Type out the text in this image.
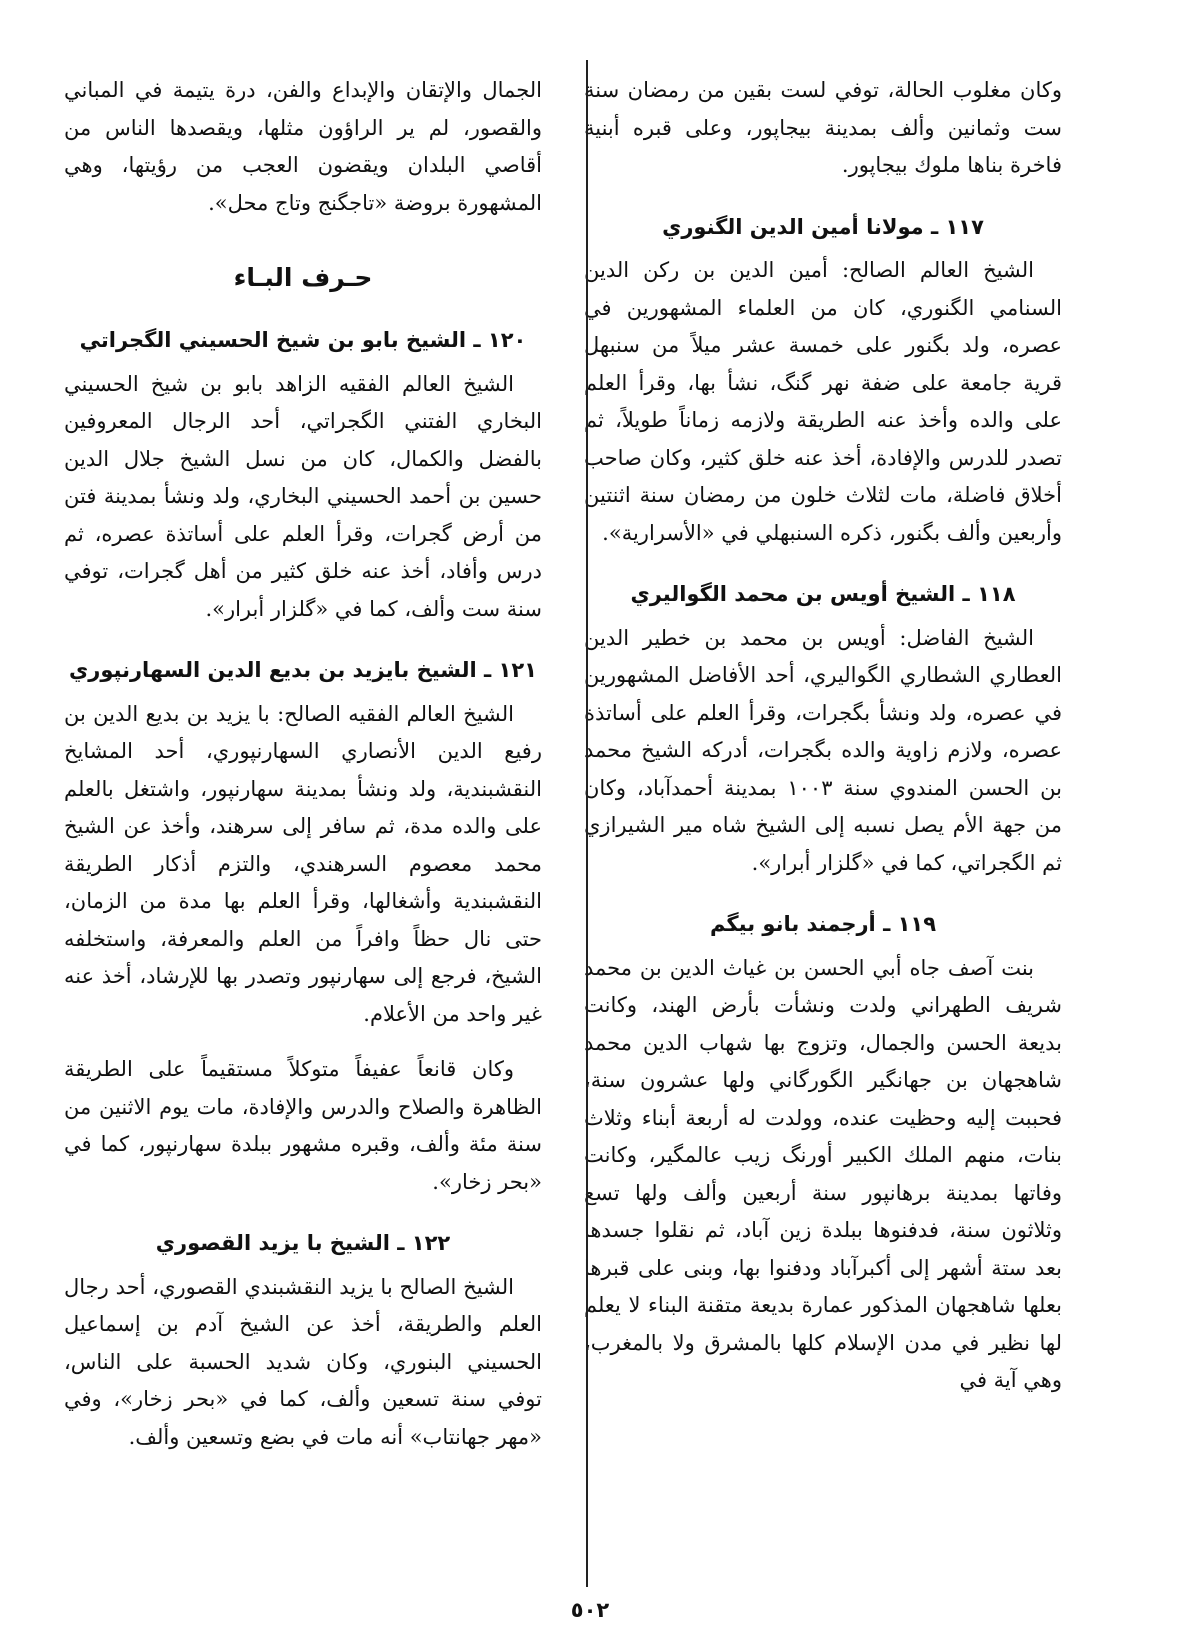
وكان مغلوب الحالة، توفي لست بقين من رمضان سنة ست وثمانين وألف بمدينة بيجاپور، وعلى قبره أبنية فاخرة بناها ملوك بيجاپور.

١١٧ ـ مولانا أمين الدين الگنوري

الشيخ العالم الصالح: أمين الدين بن ركن الدين السنامي الگنوري، كان من العلماء المشهورين في عصره، ولد بگنور على خمسة عشر ميلاً من سنبهل قرية جامعة على ضفة نهر گنگ، نشأ بها، وقرأ العلم على والده وأخذ عنه الطريقة ولازمه زماناً طويلاً، ثم تصدر للدرس والإفادة، أخذ عنه خلق كثير، وكان صاحب أخلاق فاضلة، مات لثلاث خلون من رمضان سنة اثنتين وأربعين وألف بگنور، ذكره السنبهلي في «الأسرارية».

١١٨ ـ الشيخ أويس بن محمد الگواليري

الشيخ الفاضل: أويس بن محمد بن خطير الدين العطاري الشطاري الگواليري، أحد الأفاضل المشهورين في عصره، ولد ونشأ بگجرات، وقرأ العلم على أساتذة عصره، ولازم زاوية والده بگجرات، أدركه الشيخ محمد بن الحسن المندوي سنة ١٠٠٣ بمدينة أحمدآباد، وكان من جهة الأم يصل نسبه إلى الشيخ شاه مير الشيرازي ثم الگجراتي، كما في «گلزار أبرار».

١١٩ ـ أرجمند بانو بيگم

بنت آصف جاه أبي الحسن بن غياث الدين بن محمد شريف الطهراني ولدت ونشأت بأرض الهند، وكانت بديعة الحسن والجمال، وتزوج بها شهاب الدين محمد شاهجهان بن جهانگير الگورگاني ولها عشرون سنة، فحببت إليه وحظيت عنده، وولدت له أربعة أبناء وثلاث بنات، منهم الملك الكبير أورنگ زيب عالمگير، وكانت وفاتها بمدينة برهانپور سنة أربعين وألف ولها تسع وثلاثون سنة، فدفنوها ببلدة زين آباد، ثم نقلوا جسدها بعد ستة أشهر إلى أكبرآباد ودفنوا بها، وبنى على قبرها بعلها شاهجهان المذكور عمارة بديعة متقنة البناء لا يعلم لها نظير في مدن الإسلام كلها بالمشرق ولا بالمغرب، وهي آية في

الجمال والإتقان والإبداع والفن، درة يتيمة في المباني والقصور، لم ير الراؤون مثلها، ويقصدها الناس من أقاصي البلدان ويقضون العجب من رؤيتها، وهي المشهورة بروضة «تاجگنج وتاج محل».

حـرف البـاء
١٢٠ ـ الشيخ بابو بن شيخ الحسيني الگجراتي

الشيخ العالم الفقيه الزاهد بابو بن شيخ الحسيني البخاري الفتني الگجراتي، أحد الرجال المعروفين بالفضل والكمال، كان من نسل الشيخ جلال الدين حسين بن أحمد الحسيني البخاري، ولد ونشأ بمدينة فتن من أرض گجرات، وقرأ العلم على أساتذة عصره، ثم درس وأفاد، أخذ عنه خلق كثير من أهل گجرات، توفي سنة ست وألف، كما في «گلزار أبرار».

١٢١ ـ الشيخ بايزيد بن بديع الدين السهارنپوري

الشيخ العالم الفقيه الصالح: با يزيد بن بديع الدين بن رفيع الدين الأنصاري السهارنپوري، أحد المشايخ النقشبندية، ولد ونشأ بمدينة سهارنپور، واشتغل بالعلم على والده مدة، ثم سافر إلى سرهند، وأخذ عن الشيخ محمد معصوم السرهندي، والتزم أذكار الطريقة النقشبندية وأشغالها، وقرأ العلم بها مدة من الزمان، حتى نال حظاً وافراً من العلم والمعرفة، واستخلفه الشيخ، فرجع إلى سهارنپور وتصدر بها للإرشاد، أخذ عنه غير واحد من الأعلام.

وكان قانعاً عفيفاً متوكلاً مستقيماً على الطريقة الظاهرة والصلاح والدرس والإفادة، مات يوم الاثنين من سنة مئة وألف، وقبره مشهور ببلدة سهارنپور، كما في «بحر زخار».

١٢٢ ـ الشيخ با يزيد القصوري

الشيخ الصالح با يزيد النقشبندي القصوري، أحد رجال العلم والطريقة، أخذ عن الشيخ آدم بن إسماعيل الحسيني البنوري، وكان شديد الحسبة على الناس، توفي سنة تسعين وألف، كما في «بحر زخار»، وفي «مهر جهانتاب» أنه مات في بضع وتسعين وألف.

٥٠٢
